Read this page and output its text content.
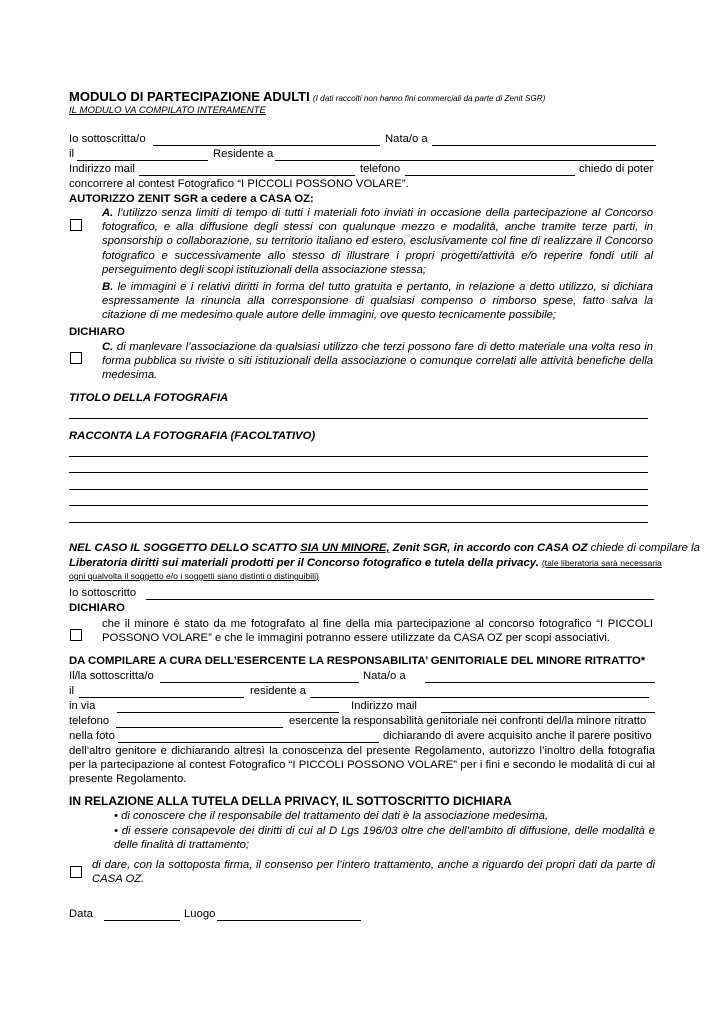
MODULO DI PARTECIPAZIONE ADULTI (I dati raccolti non hanno fini commerciali da parte di Zenit SGR)
IL MODULO VA COMPILATO INTERAMENTE
Io sottoscritta/o	Nata/o a
il	Residente a
Indirizzo mail	telefono	chiedo di poter
concorrere al contest Fotografico “I PICCOLI POSSONO VOLARE”.
AUTORIZZO ZENIT SGR a cedere a CASA OZ:
A. l’utilizzo senza limiti di tempo di tutti i materiali foto inviati in occasione della partecipazione al Concorso fotografico, e alla diffusione degli stessi con qualunque mezzo e modalità, anche tramite terze parti, in sponsorship o collaborazione, su territorio italiano ed estero, esclusivamente col fine di realizzare il Concorso fotografico e successivamente allo stesso di illustrare i propri progetti/attività e/o reperire fondi utili al perseguimento degli scopi istituzionali della associazione stessa;
B. le immagini e i relativi diritti in forma del tutto gratuita e pertanto, in relazione a detto utilizzo, si dichiara espressamente la rinuncia alla corresponsione di qualsiasi compenso o rimborso spese, fatto salva la citazione di me medesimo quale autore delle immagini, ove questo tecnicamente possibile;
DICHIARO
C. di manlevare l’associazione da qualsiasi utilizzo che terzi possono fare di detto materiale una volta reso in forma pubblica su riviste o siti istituzionali della associazione o comunque correlati alle attività benefiche della medesima.
TITOLO DELLA FOTOGRAFIA
RACCONTA LA FOTOGRAFIA (FACOLTATIVO)
NEL CASO IL SOGGETTO DELLO SCATTO SIA UN MINORE, Zenit SGR, in accordo con CASA OZ chiede di compilare la
Liberatoria diritti sui materiali prodotti per il Concorso fotografico e tutela della privacy. (tale liberatoria sarà necessaria
ogni qualvolta il soggetto e/o i soggetti siano distinti o distinguibili)
Io sottoscritto
DICHIARO
che il minore è stato da me fotografato al fine della mia partecipazione al concorso fotografico “I PICCOLI POSSONO VOLARE” e che le immagini potranno essere utilizzate da CASA OZ per scopi associativi.
DA COMPILARE A CURA DELL’ESERCENTE LA RESPONSABILITA’ GENITORIALE DEL MINORE RITRATTO*
Il/la sottoscritta/o	Nata/o a
il	residente a
in via	Indirizzo mail
telefono	esercente la responsabilità genitoriale nei confronti del/la minore ritratto
nella foto	dichiarando di avere acquisito anche il parere positivo
dell’altro genitore e dichiarando altresì la conoscenza del presente Regolamento, autorizzo l’inoltro della fotografia per la partecipazione al contest Fotografico “I PICCOLI POSSONO VOLARE” per i fini e secondo le modalità di cui al presente Regolamento.
IN RELAZIONE ALLA TUTELA DELLA PRIVACY, IL SOTTOSCRITTO DICHIARA
• di conoscere che il responsabile del trattamento dei dati è la associazione medesima,
• di essere consapevole dei diritti di cui al D Lgs 196/03 oltre che dell’ambito di diffusione, delle modalità e delle finalità di trattamento;
di dare, con la sottoposta firma, il consenso per l’intero trattamento, anche a riguardo dei propri dati da parte di CASA OZ.
Data	Luogo
